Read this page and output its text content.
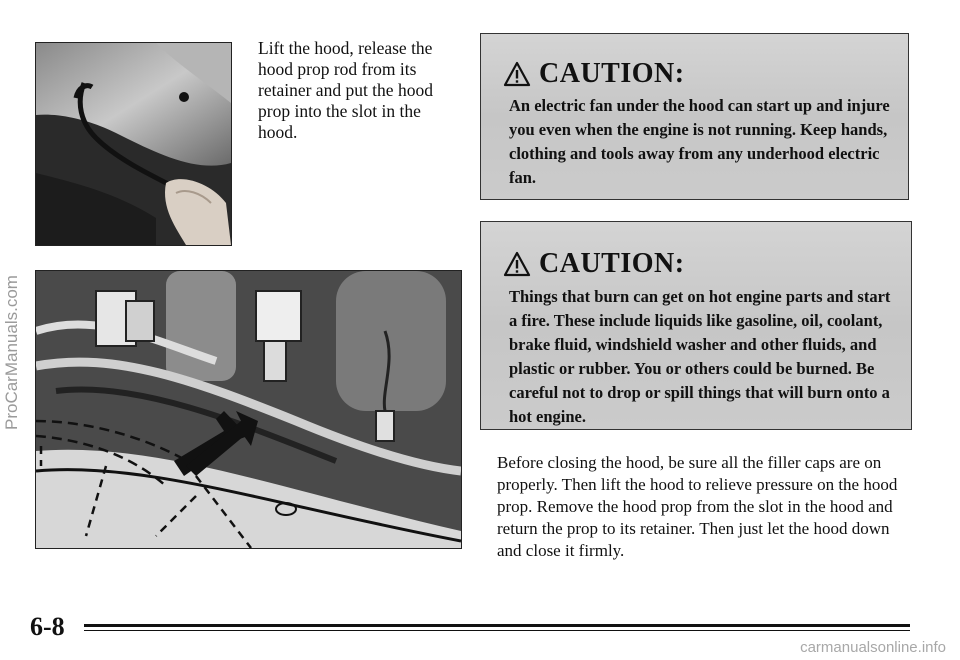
Lift the hood, release the hood prop rod from its retainer and put the hood prop into the slot in the hood.
CAUTION:
An electric fan under the hood can start up and injure you even when the engine is not running. Keep hands, clothing and tools away from any underhood electric fan.
CAUTION:
Things that burn can get on hot engine parts and start a fire. These include liquids like gasoline, oil, coolant, brake fluid, windshield washer and other fluids, and plastic or rubber. You or others could be burned. Be careful not to drop or spill things that will burn onto a hot engine.
Before closing the hood, be sure all the filler caps are on properly. Then lift the hood to relieve pressure on the hood prop. Remove the hood prop from the slot in the hood and return the prop to its retainer. Then just let the hood down and close it firmly.
6-8
ProCarManuals.com
carmanualsonline.info
